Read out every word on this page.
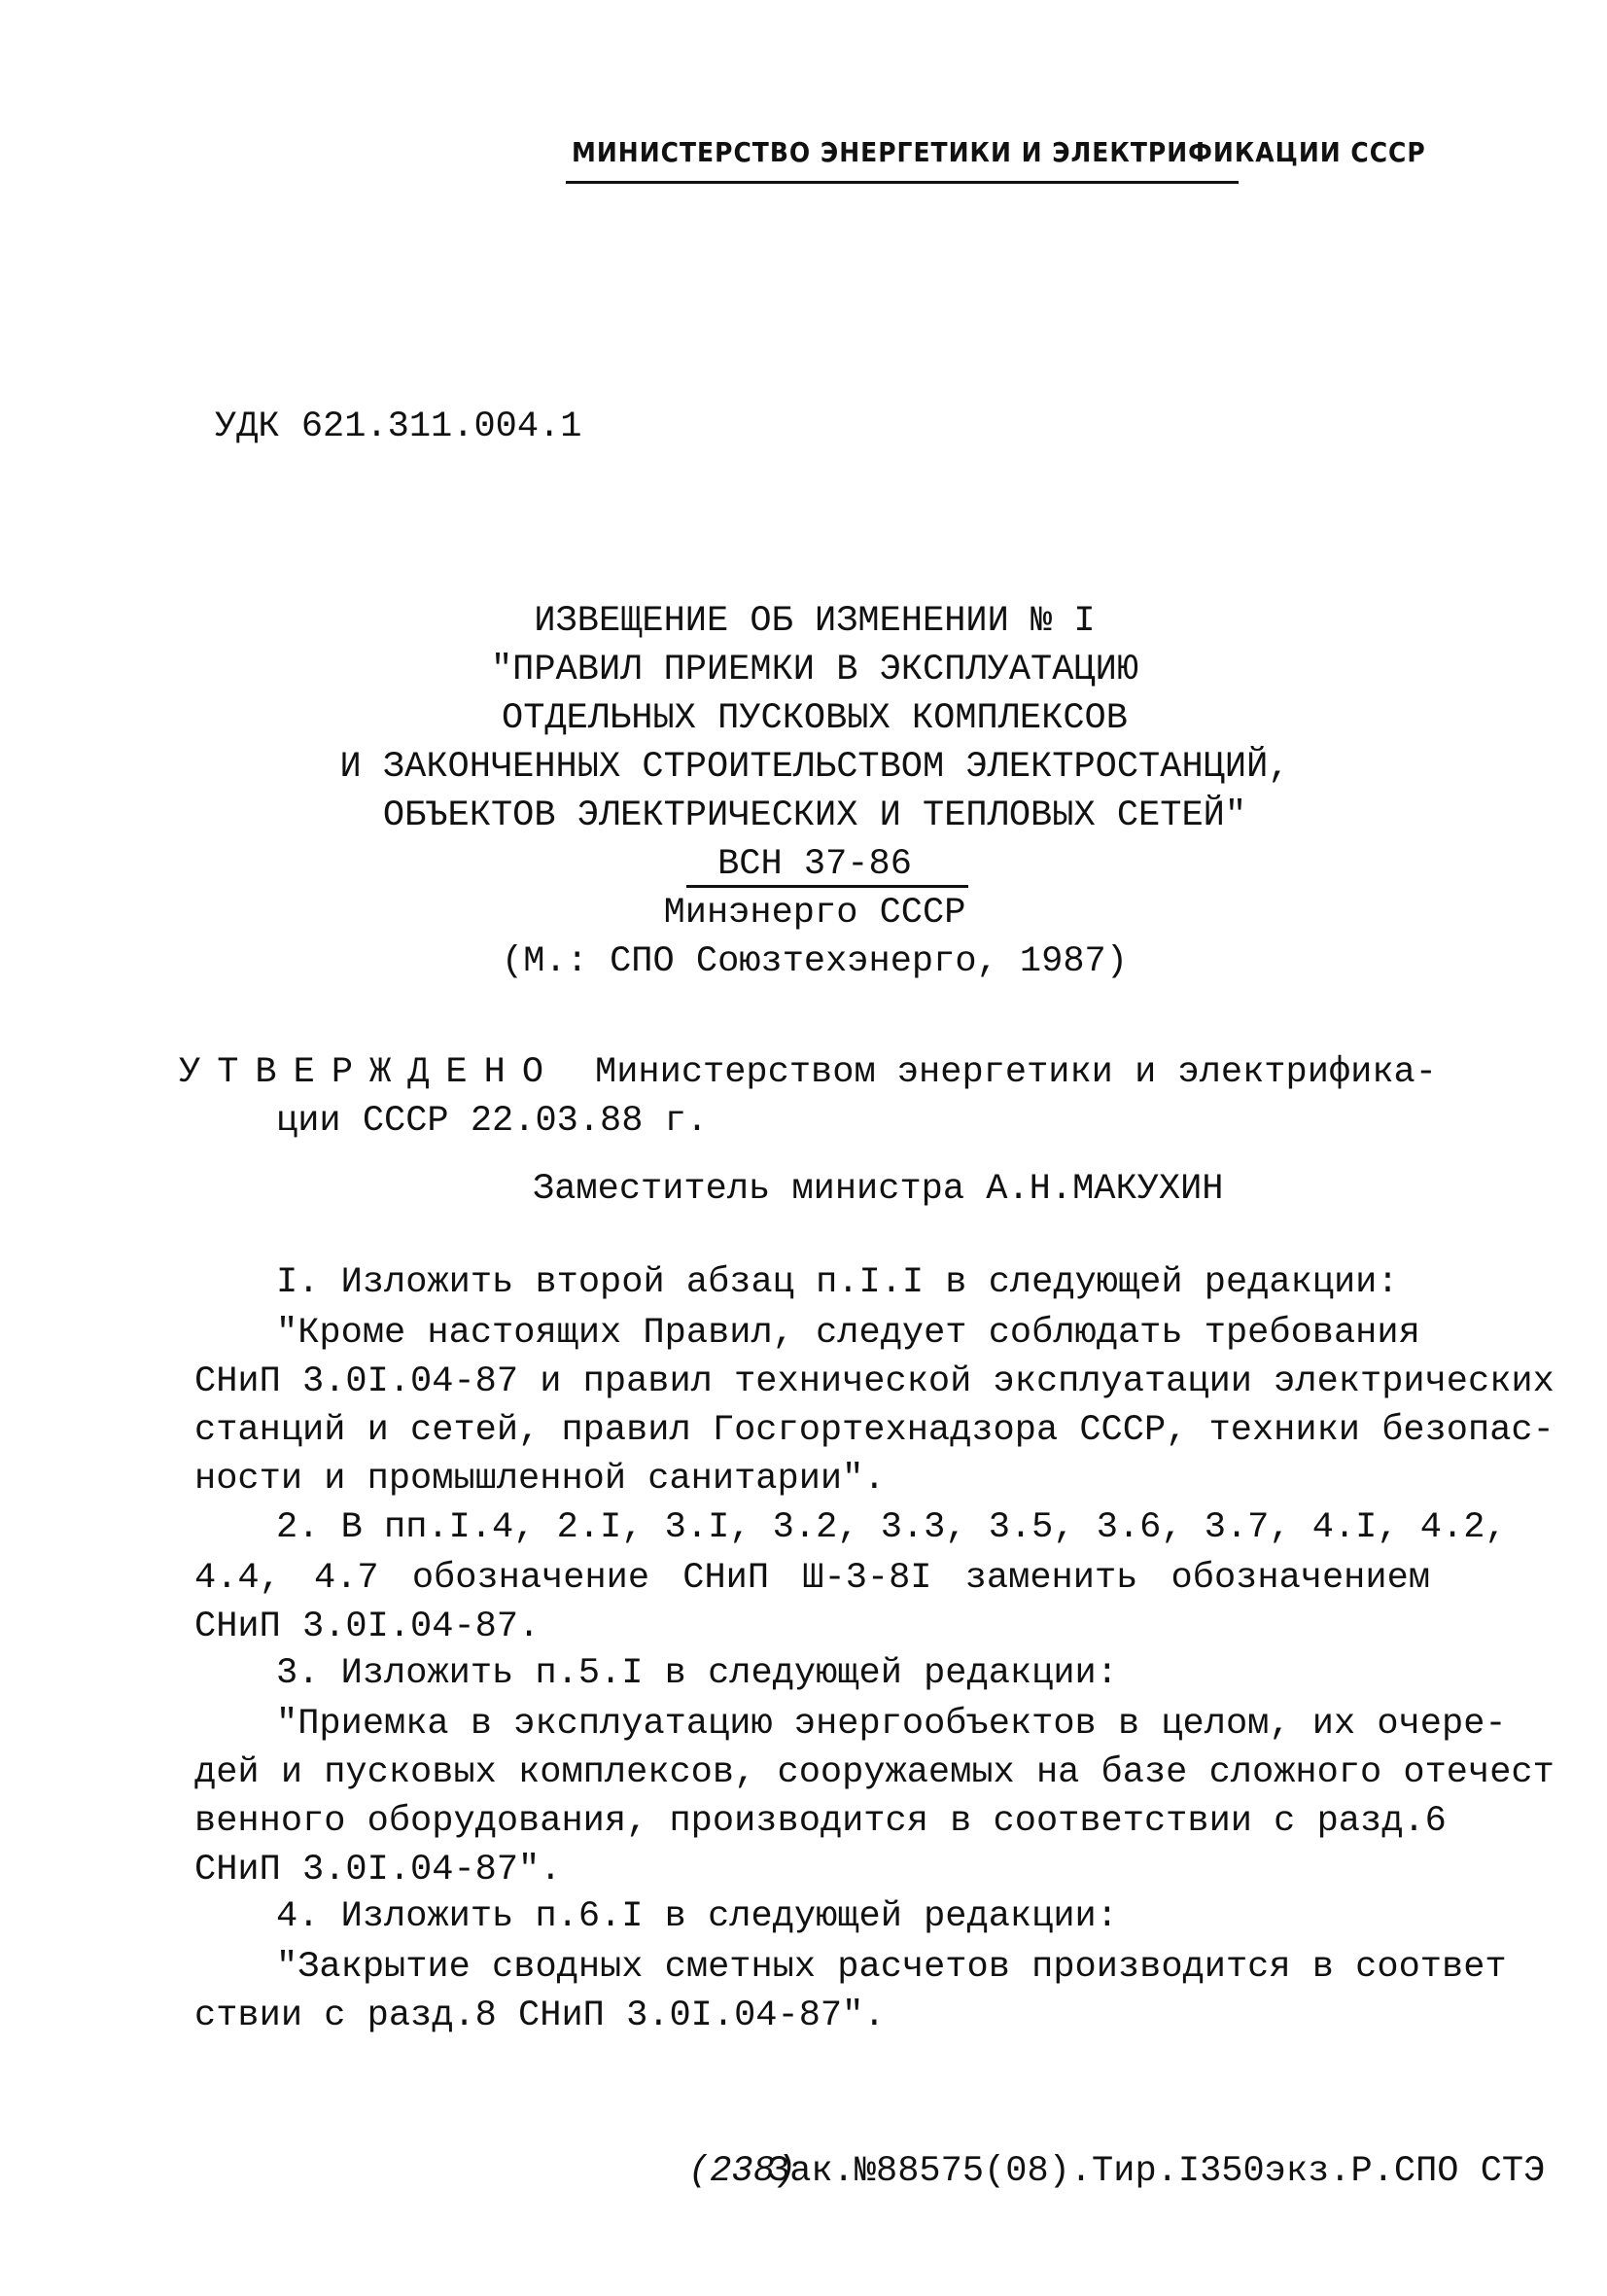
МИНИСТЕРСТВО ЭНЕРГЕТИКИ И ЭЛЕКТРИФИКАЦИИ СССР
УДК 621.311.004.1
ИЗВЕЩЕНИЕ ОБ ИЗМЕНЕНИИ № I
"ПРАВИЛ ПРИЕМКИ В ЭКСПЛУАТАЦИЮ
ОТДЕЛЬНЫХ ПУСКОВЫХ КОМПЛЕКСОВ
И ЗАКОНЧЕННЫХ СТРОИТЕЛЬСТВОМ ЭЛЕКТРОСТАНЦИЙ,
ОБЪЕКТОВ ЭЛЕКТРИЧЕСКИХ И ТЕПЛОВЫХ СЕТЕЙ"
ВСН 37-86
Минэнерго СССР
(М.: СПО Союзтехэнерго, 1987)
УТВЕРЖДЕНО Министерством энергетики и электрифика-
ции СССР 22.03.88 г.
Заместитель министра А.Н.МАКУХИН
I. Изложить второй абзац п.I.I в следующей редакции:
"Кроме настоящих Правил, следует соблюдать требования
СНиП 3.0I.04-87 и правил технической эксплуатации электрических
станций и сетей, правил Госгортехнадзора СССР, техники безопас-
ности и промышленной санитарии".
2. В пп.I.4, 2.I, 3.I, 3.2, 3.3, 3.5, 3.6, 3.7, 4.I, 4.2,
4.4, 4.7 обозначение СНиП Ш-3-8I заменить обозначением
СНиП 3.0I.04-87.
3. Изложить п.5.I в следующей редакции:
"Приемка в эксплуатацию энергообъектов в целом, их очере-
дей и пусковых комплексов, сооружаемых на базе сложного отечест
венного оборудования, производится в соответствии с разд.6
СНиП 3.0I.04-87".
4. Изложить п.6.I в следующей редакции:
"Закрытие сводных сметных расчетов производится в соответ
ствии с разд.8 СНиП 3.0I.04-87".
(238)
Зак.№88575(08).Тир.I350экз.Р.СПО СТЭ
